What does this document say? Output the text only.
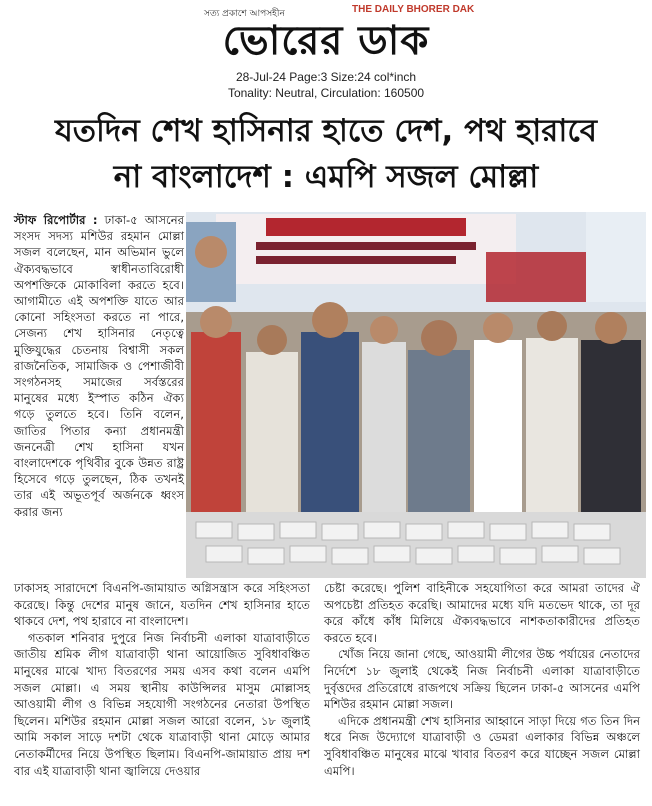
সত্য প্রকাশে আপসহীন	THE DAILY BHORER DAK
ভোরের ডাক
28-Jul-24 Page:3 Size:24 col*inch
Tonality: Neutral, Circulation: 160500
যতদিন শেখ হাসিনার হাতে দেশ, পথ হারাবে
না বাংলাদেশ : এমপি সজল মোল্লা

স্টাফ রিপোর্টার : ঢাকা-৫ আসনের সংসদ সদস্য মশিউর রহমান মোল্লা সজল বলেছেন, মান অভিমান ভুলে ঐক্যবদ্ধভাবে স্বাধীনতাবিরোধী অপশক্তিকে মোকাবিলা করতে হবে। আগামীতে এই অপশক্তি যাতে আর কোনো সহিংসতা করতে না পারে, সেজন্য শেখ হাসিনার নেতৃত্বে মুক্তিযুদ্ধের চেতনায় বিশ্বাসী সকল রাজনৈতিক, সামাজিক ও পেশাজীবী সংগঠনসহ সমাজের সর্বস্তরের মানুষের মধ্যে ইস্পাত কঠিন ঐক্য গড়ে তুলতে হবে। তিনি বলেন, জাতির পিতার কন্যা প্রধানমন্ত্রী জননেত্রী শেখ হাসিনা যখন বাংলাদেশকে পৃথিবীর বুকে উন্নত রাষ্ট্র হিসেবে গড়ে তুলছেন, ঠিক তখনই তার এই অভূতপূর্ব অর্জনকে ধ্বংস করার জন্য

ঢাকাসহ সারাদেশে বিএনপি-জামায়াত অগ্নিসন্ত্রাস করে সহিংসতা করেছে। কিন্তু দেশের মানুষ জানে, যতদিন শেখ হাসিনার হাতে থাকবে দেশ, পথ হারাবে না বাংলাদেশ।

গতকাল শনিবার দুপুরে নিজ নির্বাচনী এলাকা যাত্রাবাড়ীতে জাতীয় শ্রমিক লীগ যাত্রাবাড়ী থানা আয়োজিত সুবিধাবঞ্চিত মানুষের মাঝে খাদ্য বিতরণের সময় এসব কথা বলেন এমপি সজল মোল্লা। এ সময় স্থানীয় কাউন্সিলর মাসুম মোল্লাসহ আওয়ামী লীগ ও বিভিন্ন সহযোগী সংগঠনের নেতারা উপস্থিত ছিলেন। মশিউর রহমান মোল্লা সজল আরো বলেন, ১৮ জুলাই আমি সকাল সাড়ে দশটা থেকে যাত্রাবাড়ী থানা মোড়ে আমার নেতাকর্মীদের নিয়ে উপস্থিত ছিলাম। বিএনপি-জামায়াত প্রায় দশ বার এই যাত্রাবাড়ী থানা জ্বালিয়ে দেওয়ার

চেষ্টা করেছে। পুলিশ বাহিনীকে সহযোগিতা করে আমরা তাদের ঐ অপচেষ্টা প্রতিহত করেছি। আমাদের মধ্যে যদি মতভেদ থাকে, তা দূর করে কাঁধে কাঁধ মিলিয়ে ঐক্যবদ্ধভাবে নাশকতাকারীদের প্রতিহত করতে হবে।

খোঁজ নিয়ে জানা গেছে, আওয়ামী লীগের উচ্চ পর্যায়ের নেতাদের নির্দেশে ১৮ জুলাই থেকেই নিজ নির্বাচনী এলাকা যাত্রাবাড়ীতে দুর্বৃত্তদের প্রতিরোধে রাজপথে সক্রিয় ছিলেন ঢাকা-৫ আসনের এমপি মশিউর রহমান মোল্লা সজল।

এদিকে প্রধানমন্ত্রী শেখ হাসিনার আহ্বানে সাড়া দিয়ে গত তিন দিন ধরে নিজ উদ্যোগে যাত্রাবাড়ী ও ডেমরা এলাকার বিভিন্ন অঞ্চলে সুবিধাবঞ্চিত মানুষের মাঝে খাবার বিতরণ করে যাচ্ছেন সজল মোল্লা এমপি।
